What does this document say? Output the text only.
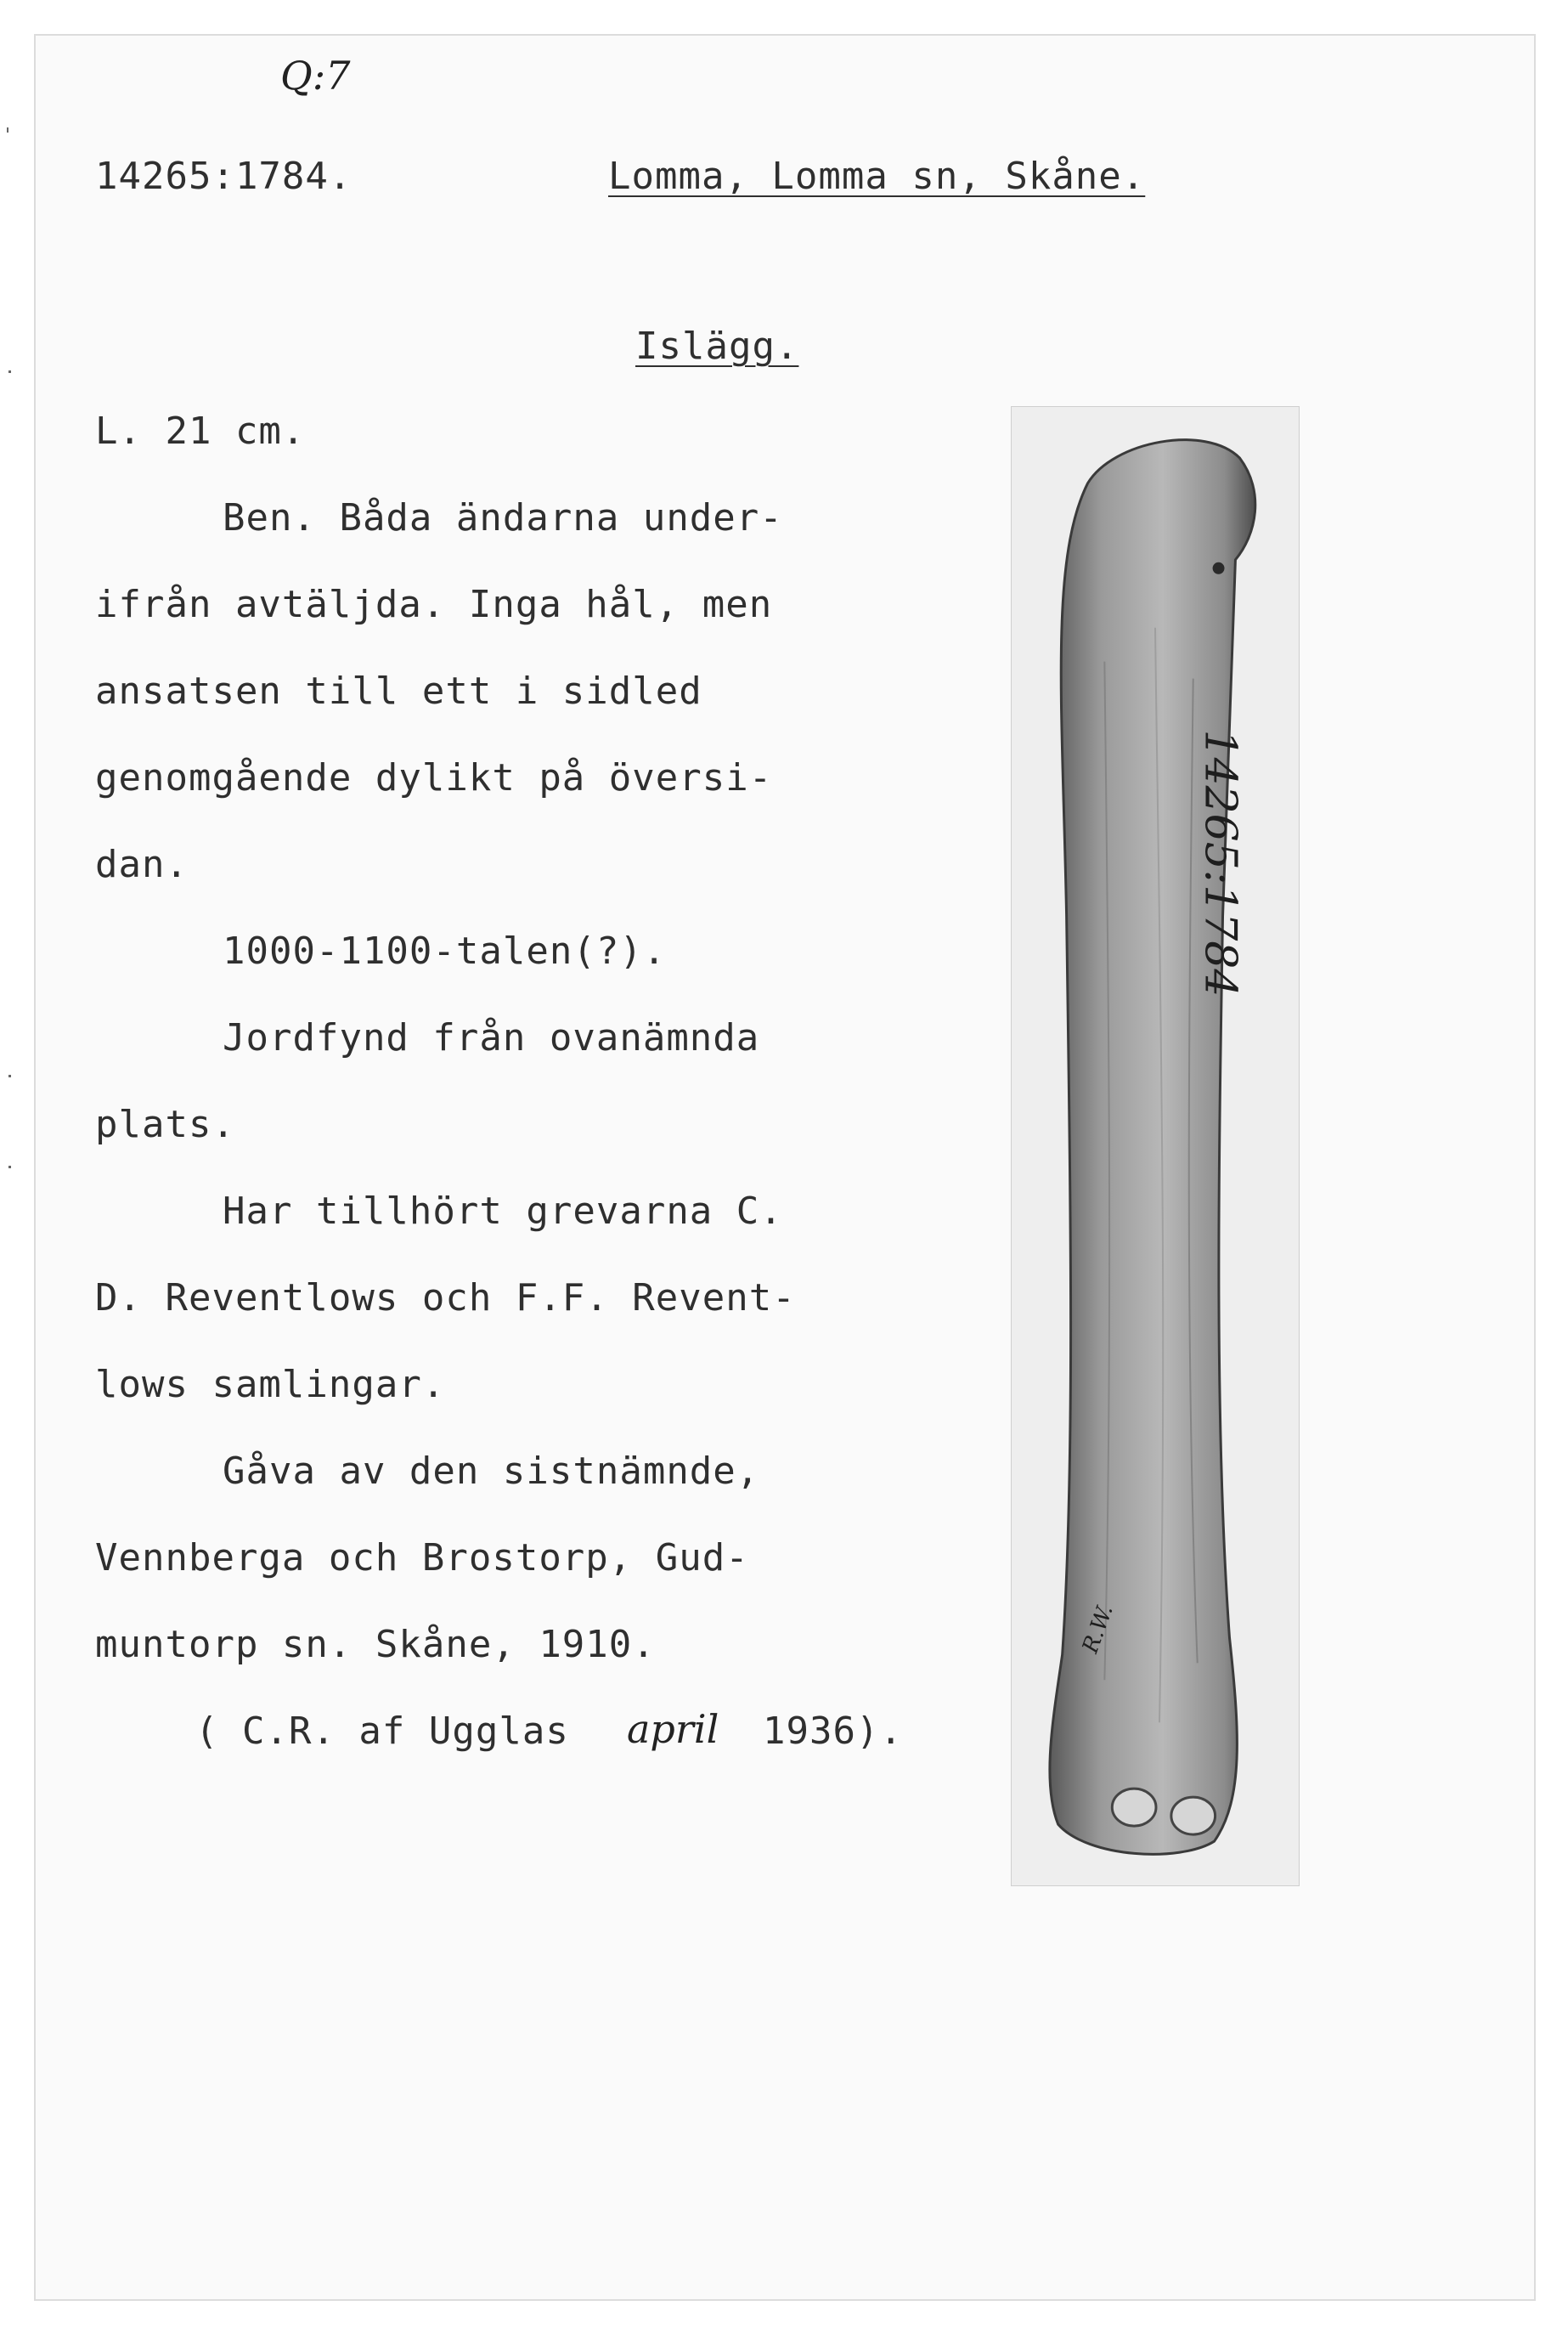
Q:7
14265:1784.	Lomma, Lomma sn, Skåne.
Islägg.
L. 21 cm.
Ben. Båda ändarna under-
ifrån avtäljda. Inga hål, men
ansatsen till ett i sidled
genomgående dylikt på översi-
dan.
1000-1100-talen(?).
Jordfynd från ovanämnda
plats.
Har tillhört grevarna C.
D. Reventlows och F.F. Revent-
lows samlingar.
Gåva av den sistnämnde,
Vennberga och Brostorp, Gud-
muntorp sn. Skåne, 1910.
( C.R. af Ugglas april 1936).
14265:1784
R.W.
